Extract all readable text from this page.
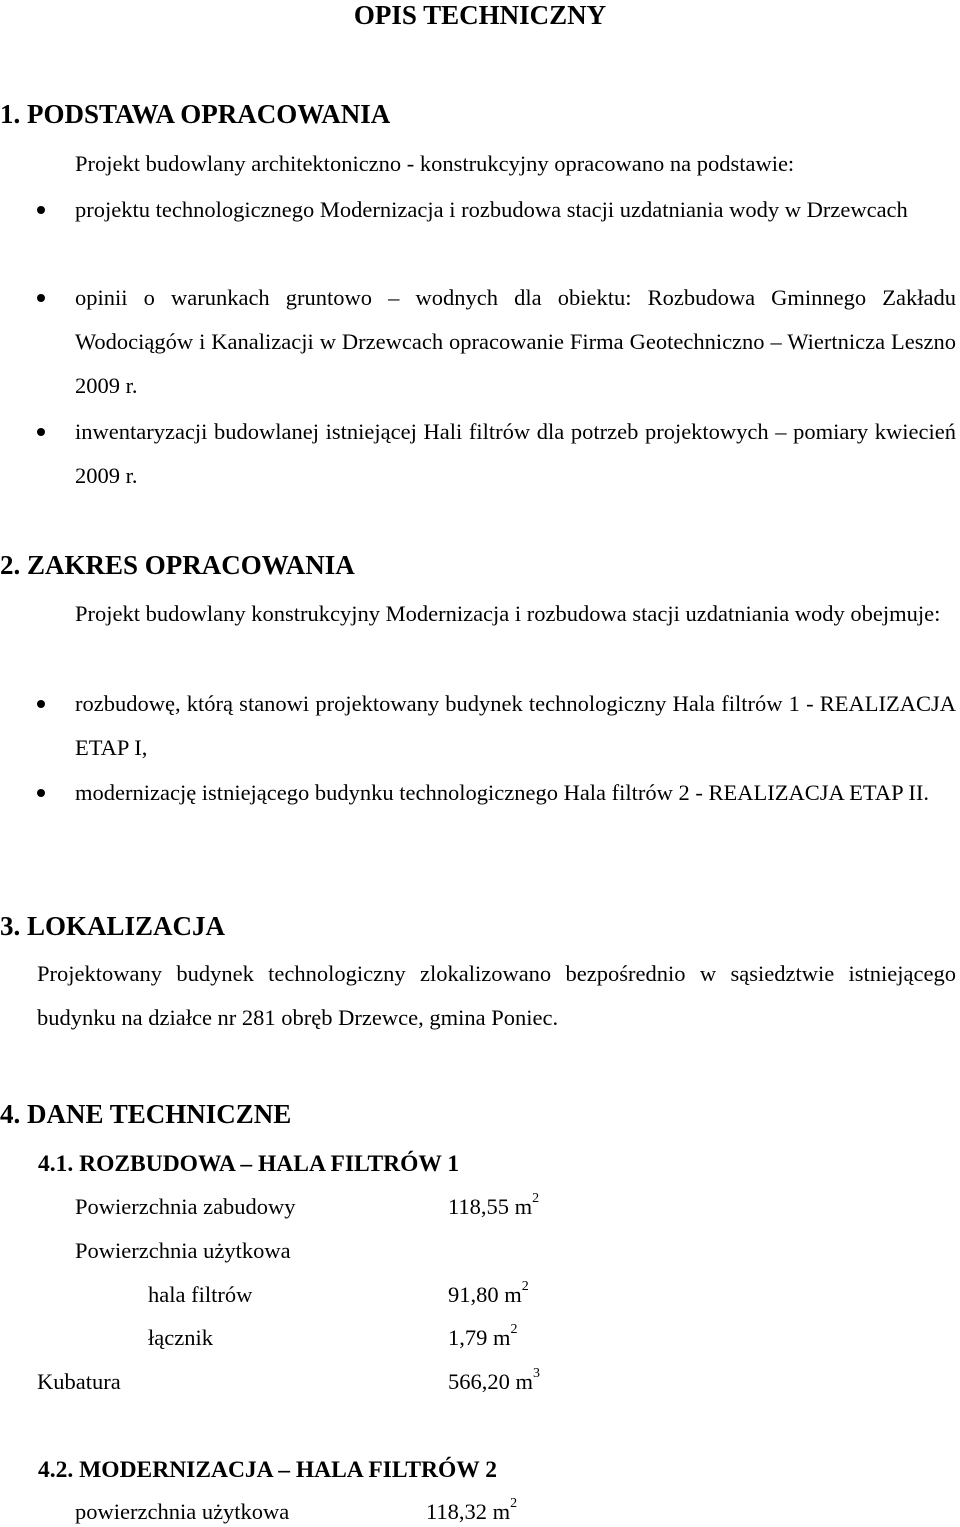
OPIS TECHNICZNY
1. PODSTAWA OPRACOWANIA
Projekt budowlany architektoniczno - konstrukcyjny opracowano na podstawie:
projektu technologicznego Modernizacja i rozbudowa stacji uzdatniania wody w Drzewcach
opinii o warunkach gruntowo – wodnych dla obiektu: Rozbudowa Gminnego Zakładu Wodociągów i Kanalizacji w Drzewcach opracowanie Firma Geotechniczno – Wiertnicza Leszno 2009 r.
inwentaryzacji budowlanej istniejącej Hali filtrów dla potrzeb projektowych – pomiary kwiecień 2009 r.
2. ZAKRES OPRACOWANIA
Projekt budowlany konstrukcyjny Modernizacja i rozbudowa stacji uzdatniania wody obejmuje:
rozbudowę, którą stanowi projektowany budynek technologiczny Hala filtrów 1 - REALIZACJA ETAP I,
modernizację istniejącego budynku technologicznego Hala filtrów 2 - REALIZACJA ETAP II.
3. LOKALIZACJA
Projektowany budynek technologiczny zlokalizowano bezpośrednio w sąsiedztwie istniejącego budynku na działce nr 281 obręb Drzewce, gmina Poniec.
4. DANE TECHNICZNE
4.1. ROZBUDOWA – HALA FILTRÓW 1
Powierzchnia zabudowy	118,55 $m^2$
Powierzchnia użytkowa
hala filtrów	91,80 $m^2$
łącznik	1,79 $m^2$
Kubatura	566,20 $m^3$
4.2. MODERNIZACJA – HALA FILTRÓW 2
powierzchnia użytkowa	118,32 $m^2$
